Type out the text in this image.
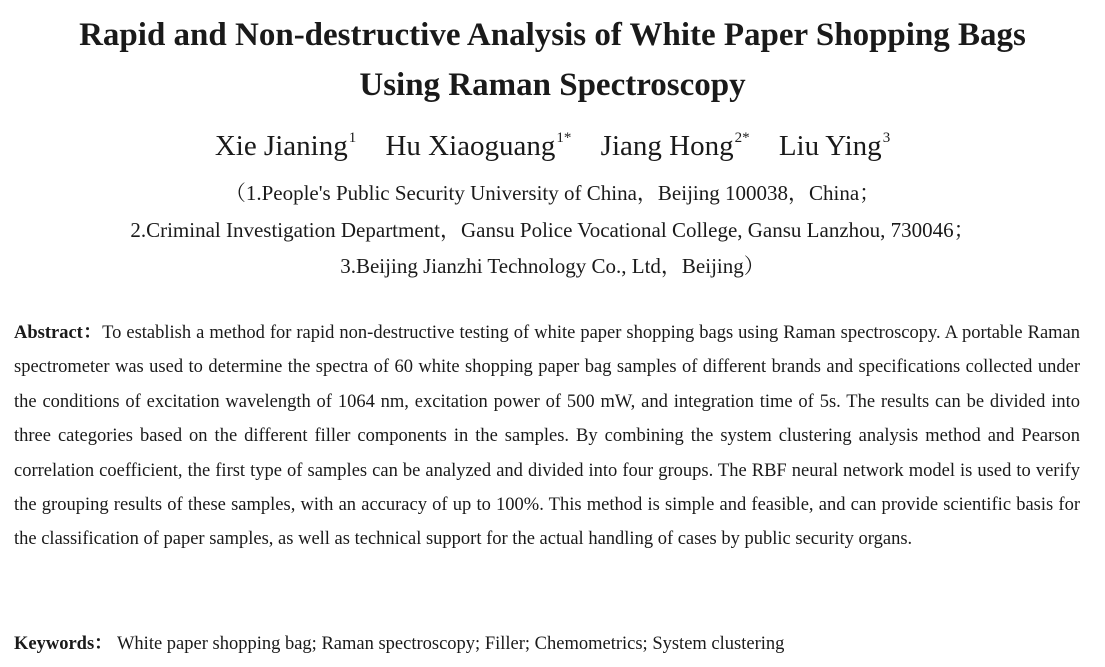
Rapid and Non-destructive Analysis of White Paper Shopping Bags
Using Raman Spectroscopy
Xie Jianing$^1$ Hu Xiaoguang$^{1*}$ Jiang Hong$^{2*}$ Liu Ying$^3$
（1.People's Public Security University of China，Beijing 100038，China；
2.Criminal Investigation Department，Gansu Police Vocational College, Gansu Lanzhou, 730046；
3.Beijing Jianzhi Technology Co., Ltd，Beijing）

Abstract：To establish a method for rapid non-destructive testing of white paper shopping bags using Raman spectroscopy. A portable Raman spectrometer was used to determine the spectra of 60 white shopping paper bag samples of different brands and specifications collected under the conditions of excitation wavelength of 1064 nm, excitation power of 500 mW, and integration time of 5s. The results can be divided into three categories based on the different filler components in the samples. By combining the system clustering analysis method and Pearson correlation coefficient, the first type of samples can be analyzed and divided into four groups. The RBF neural network model is used to verify the grouping results of these samples, with an accuracy of up to 100%. This method is simple and feasible, and can provide scientific basis for the classification of paper samples, as well as technical support for the actual handling of cases by public security organs.

Keywords： White paper shopping bag; Raman spectroscopy; Filler; Chemometrics; System clustering
